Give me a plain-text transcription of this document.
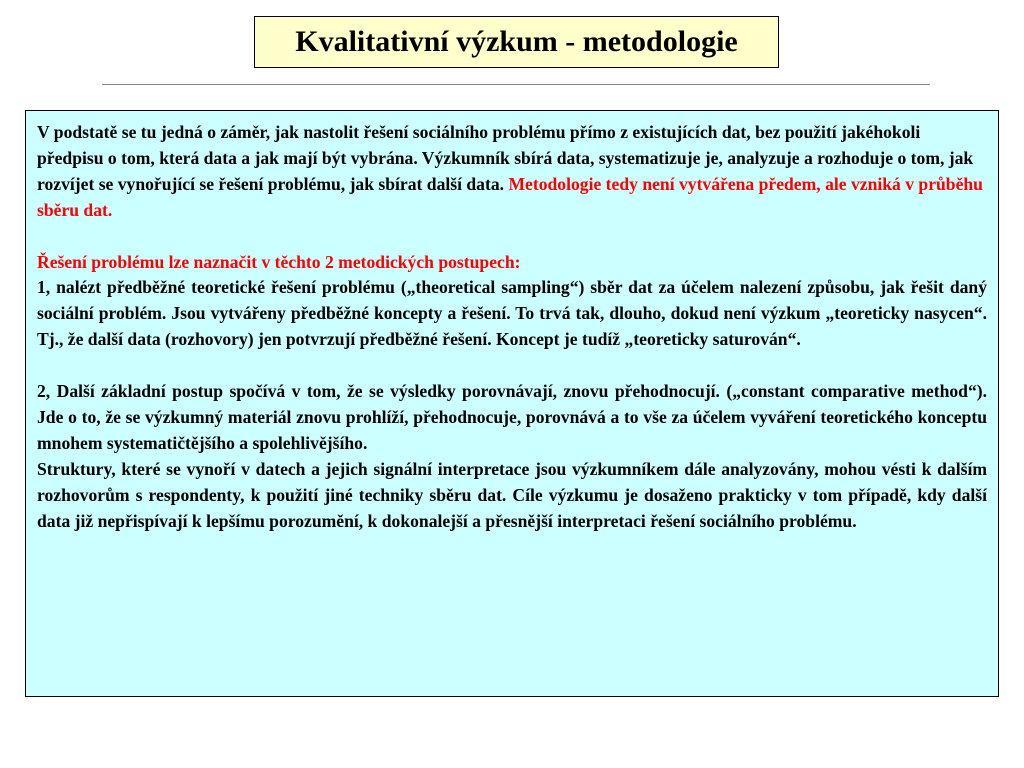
Kvalitativní výzkum - metodologie

V podstatě se tu jedná o záměr, jak nastolit řešení sociálního problému přímo z existujících dat, bez použití jakéhokoli předpisu o tom, která data a jak mají být vybrána. Výzkumník sbírá data, systematizuje je, analyzuje a rozhoduje o tom, jak rozvíjet se vynořující se řešení problému, jak sbírat další data. Metodologie tedy není vytvářena předem, ale vzniká v průběhu sběru dat.

Řešení problému lze naznačit v těchto 2 metodických postupech:

1, nalézt předběžné teoretické řešení problému („theoretical sampling“) sběr dat za účelem nalezení způsobu, jak řešit daný sociální problém. Jsou vytvářeny předběžné koncepty a řešení. To trvá tak, dlouho, dokud není výzkum „teoreticky nasycen“. Tj., že další data (rozhovory) jen potvrzují předběžné řešení. Koncept je tudíž „teoreticky saturován“.

2, Další základní postup spočívá v tom, že se výsledky porovnávají, znovu přehodnocují. („constant comparative method“). Jde o to, že se výzkumný materiál znovu prohlíží, přehodnocuje, porovnává a to vše za účelem vyváření teoretického konceptu mnohem systematičtějšího a spolehlivějšího.

Struktury, které se vynoří v datech a jejich signální interpretace jsou výzkumníkem dále analyzovány, mohou vésti k dalším rozhovorům s respondenty, k použití jiné techniky sběru dat. Cíle výzkumu je dosaženo prakticky v tom případě, kdy další data již nepřispívají k lepšímu porozumění, k dokonalejší a přesnější interpretaci řešení sociálního problému.
